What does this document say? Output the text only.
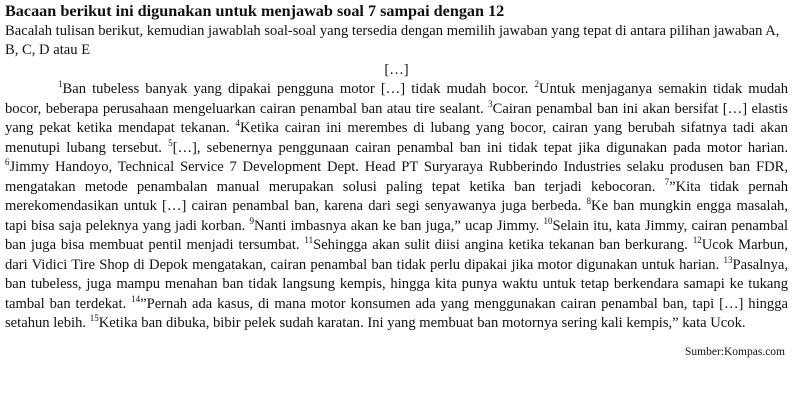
Bacaan berikut ini digunakan untuk menjawab soal 7 sampai dengan 12

Bacalah tulisan berikut, kemudian jawablah soal-soal yang tersedia dengan memilih jawaban yang tepat di antara pilihan jawaban A, B, C, D atau E

[…]

$^1$Ban tubeless banyak yang dipakai pengguna motor […] tidak mudah bocor. $^2$Untuk menjaganya semakin tidak mudah bocor, beberapa perusahaan mengeluarkan cairan penambal ban atau tire sealant. $^3$Cairan penambal ban ini akan bersifat […] elastis yang pekat ketika mendapat tekanan. $^4$Ketika cairan ini merembes di lubang yang bocor, cairan yang berubah sifatnya tadi akan menutupi lubang tersebut. $^5$[…], sebenernya penggunaan cairan penambal ban ini tidak tepat jika digunakan pada motor harian. $^6$Jimmy Handoyo, Technical Service 7 Development Dept. Head PT Suryaraya Rubberindo Industries selaku produsen ban FDR, mengatakan metode penambalan manual merupakan solusi paling tepat ketika ban terjadi kebocoran. $^7$”Kita tidak pernah merekomendasikan untuk […] cairan penambal ban, karena dari segi senyawanya juga berbeda. $^8$Ke ban mungkin engga masalah, tapi bisa saja peleknya yang jadi korban. $^9$Nanti imbasnya akan ke ban juga,” ucap Jimmy. $^{10}$Selain itu, kata Jimmy, cairan penambal ban juga bisa membuat pentil menjadi tersumbat. $^{11}$Sehingga akan sulit diisi angina ketika tekanan ban berkurang. $^{12}$Ucok Marbun, dari Vidici Tire Shop di Depok mengatakan, cairan penambal ban tidak perlu dipakai jika motor digunakan untuk harian. $^{13}$Pasalnya, ban tubeless, juga mampu menahan ban tidak langsung kempis, hingga kita punya waktu untuk tetap berkendara samapi ke tukang tambal ban terdekat. $^{14}$”Pernah ada kasus, di mana motor konsumen ada yang menggunakan cairan penambal ban, tapi […] hingga setahun lebih. $^{15}$Ketika ban dibuka, bibir pelek sudah karatan. Ini yang membuat ban motornya sering kali kempis,” kata Ucok.

Sumber:Kompas.com
